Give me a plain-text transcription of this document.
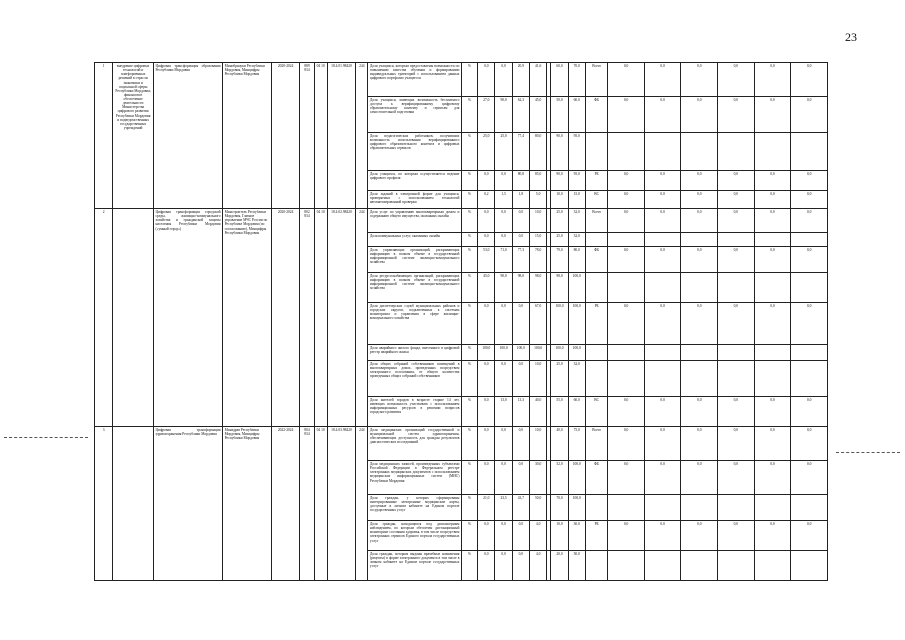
23
1	внедрение цифровых технологий и платформенных решений в отрасли экономики и социальной сферы Республики Мордовия; финансовое обеспечение деятельности Министерства цифрового развития Республики Мордовия и подведомственных государственных учреждений	Цифровая трансформация образования Республики Мордовия	Минобрнауки Республики Мордовия, Минцифры Республики Мордовия	2020-2024	889 834	04 10	18.4.01.98420	244	Доля учащихся, которым предоставлены возможности по повышению качества обучения и формированию индивидуальных траекторий с использованием данных цифрового портфолио учащегося	%	0,0	0,0	20,9	41,6		60,0	70,0	Всего	0,0	0,0	0,0	0,0	0,0	0,0
									Доля учащихся, имеющих возможность бесплатного доступа к верифицированному цифровому образовательному контенту и сервисам для самостоятельной подготовки	%	27,0	90,0	62,3	45,0		50,0	60,0	ФБ	0,0	0,0	0,0	0,0	0,0	0,0
									Доля педагогических работников, получивших возможность использования верифицированного цифрового образовательного контента и цифровых образовательных сервисов	%	25,0	25,0	77,4	80,0		90,0	95,0							
									Доля учащихся, по которым осуществляется ведение цифрового профиля	%	0,0	0,0	80,8	85,0		90,0	95,0	РБ	0,0	0,0	0,0	0,0	0,0	0,0
									Доля заданий в электронной форме для учащихся, проверяемых с использованием технологий автоматизированной проверки	%	0,2	1,5	1,8	5,0		10,0	15,0	ВС	0,0	0,0	0,0	0,0	0,0	0,0
2		Цифровая трансформация городской среды, жилищно-коммунального хозяйства и гражданской защиты населения Республики Мордовия («умный город»)	Минстроитель Республики Мордовия, Главное управление МЧС России по Республике Мордовия (по согласованию), Минцифры Республики Мордовия	2020-2024	802 834	04 10	18.4.02.98420	244	Доля услуг по управлению многоквартирным домом и содержанию общего имущества, оказанных онлайн	%	0,0	0,0	0,0	10,0		25,0	32,0	Всего	0,0	0,0	0,0	0,0	0,0	0,0
									Доля коммунальных услуг, оказанных онлайн	%	0,0	0,0	0,0	15,0		25,0	32,0							
									Доля управляющих организаций, раскрывающих информацию в полном объеме в государственной информационной системе жилищно-коммунального хозяйства	%	53,0	71,0	77,3	78,0		79,0	80,0	ФБ	0,0	0,0	0,0	0,0	0,0	0,0
									Доля ресурсоснабжающих организаций, раскрывающих информацию в полном объеме в государственной информационной системе жилищно-коммунального хозяйства	%	45,0	90,0	98,0	98,0		98,0	100,0							
									Доля диспетчерских служб муниципальных районов и городских округов, подключенных к системам мониторинга и управления в сфере жилищно-коммунального хозяйства	%	0,0	0,0	0,0	67,0		100,0	100,0	РБ	0,0	0,0	0,0	0,0	0,0	0,0
									Доля аварийного жилого фонда, внесенного в цифровой реестр аварийного жилья	%	100,0	100,0	100,0	100,0		100,0	100,0							
									Доля общих собраний собственников помещений в многоквартирных домах, проведенных посредством электронного голосования, от общего количества проведенных общих собраний собственников	%	0,0	0,0	0,0	10,0		25,0	32,0							
									Доля жителей городов в возрасте старше 14 лет, имеющих возможность участвовать с использованием информационных ресурсов в решении вопросов городского развития	%	0,0	13,0	13,3	40,0		55,0	60,0	ВС	0,0	0,0	0,0	0,0	0,0	0,0
3		Цифровая трансформация здравоохранения Республики Мордовия	Минздрав Республики Мордовия, Минцифры Республики Мордовия	2022-2024	804 834	04 10	18.4.03.98420	244	Доля медицинских организаций государственной и муниципальной систем здравоохранения, обеспечивающих доступность для граждан результатов диагностических исследований	%	0,0	0,0	0,0	10,0		40,0	75,0	Всего	0,0	0,0	0,0	0,0	0,0	0,0
									Доля медицинских записей, произведенных субъектами Российской Федерации в Федеральном реестре электронных медицинских документов с использованием медицинских информационных систем (МИС) Республики Мордовия	%	0,0	0,0	0,0	30,0		52,0	100,0	ФБ	0,0	0,0	0,0	0,0	0,0	0,0
									Доля граждан, у которых сформированы интегрированные электронные медицинские карты, доступные в личном кабинете на Едином портале государственных услуг	%	21,0	23,5	43,7	50,0		70,0	100,0							
									Доля граждан, находящихся под диспансерным наблюдением, по которым обеспечен дистанционный мониторинг состояния здоровья, в том числе посредством электронных сервисов Единого портала государственных услуг	%	0,0	0,0	0,0	4,0		10,0	30,0	РБ	0,0	0,0	0,0	0,0	0,0	0,0
									Доля граждан, которым выданы врачебные назначения (рецепты) в форме электронного документа в том числе в личном кабинете на Едином портале государственных услуг	%	0,0	0,0	0,0	4,0		20,0	50,0							
